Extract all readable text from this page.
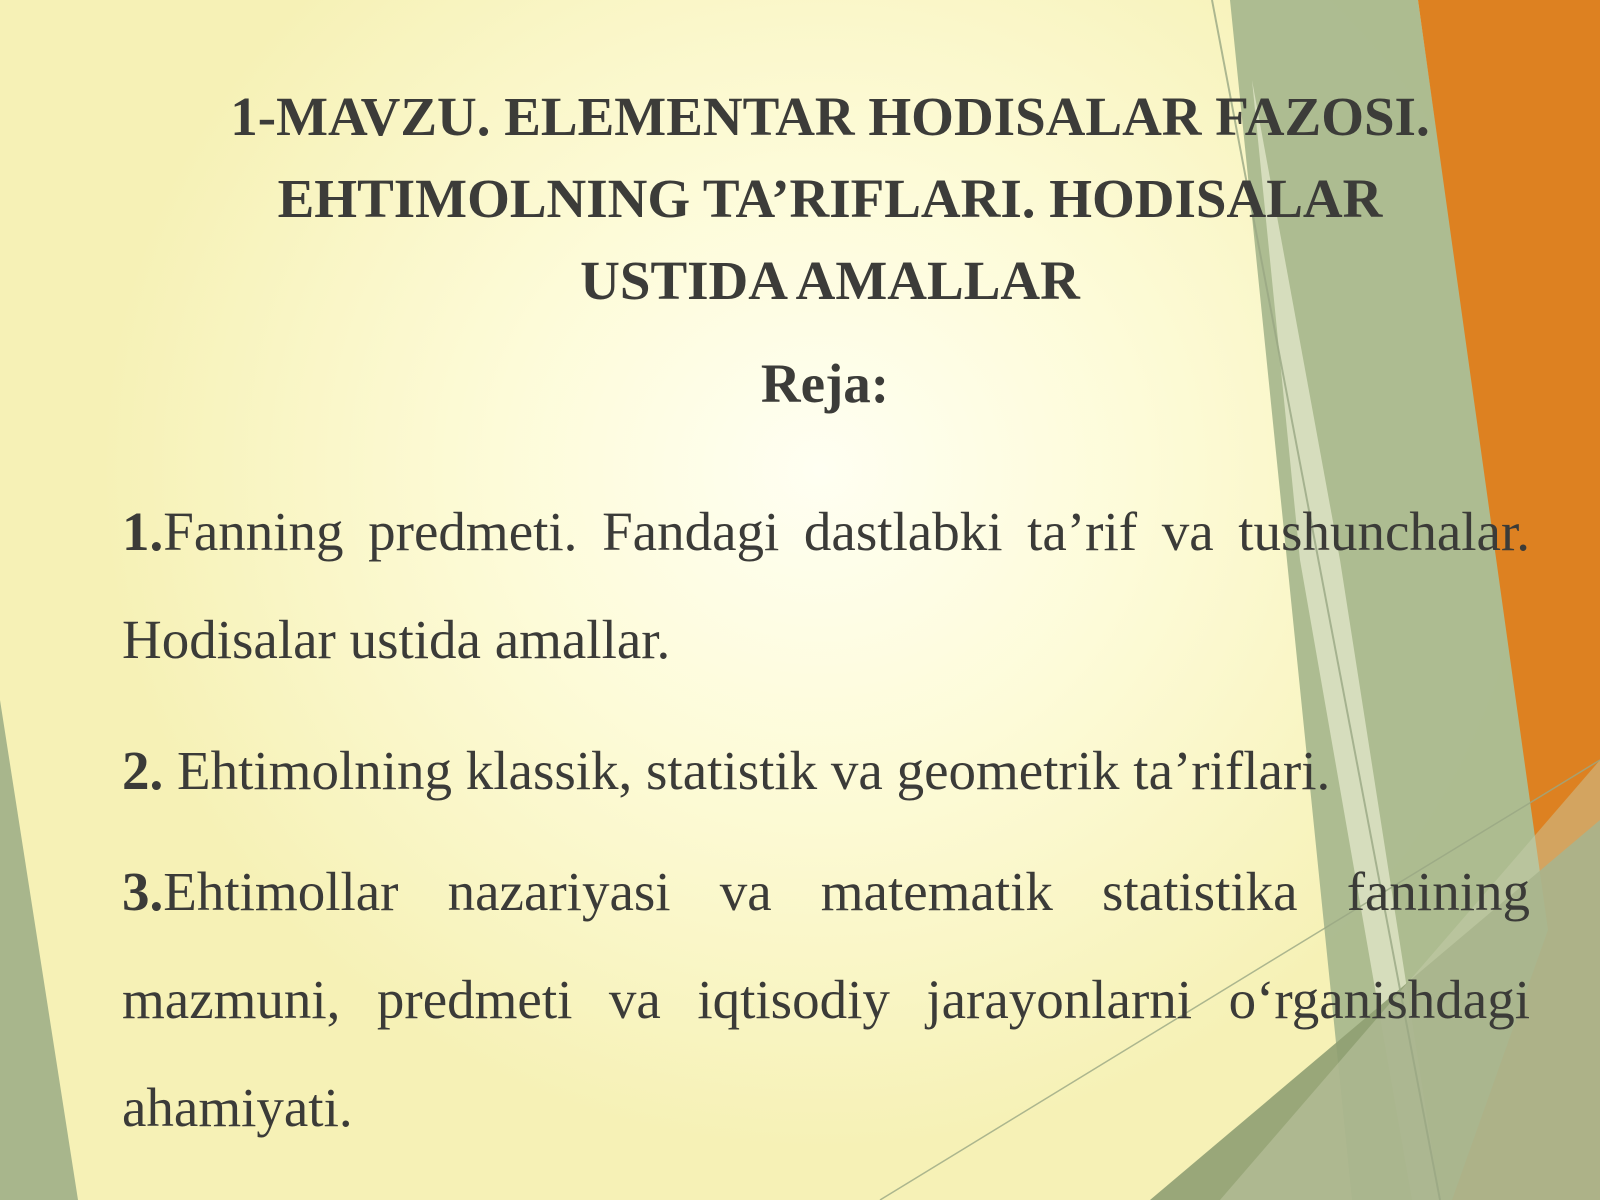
1-MAVZU. ELEMENTAR HODISALAR FAZOSI.
EHTIMOLNING TA’RIFLARI. HODISALAR
USTIDA AMALLAR
Reja:
1.Fanning predmeti. Fandagi dastlabki ta’rif va tushunchalar. Hodisalar ustida amallar.
2. Ehtimolning klassik, statistik va geometrik ta’riflari.
3.Ehtimollar nazariyasi va matematik statistika fanining mazmuni, predmeti va iqtisodiy jarayonlarni o‘rganishdagi ahamiyati.
